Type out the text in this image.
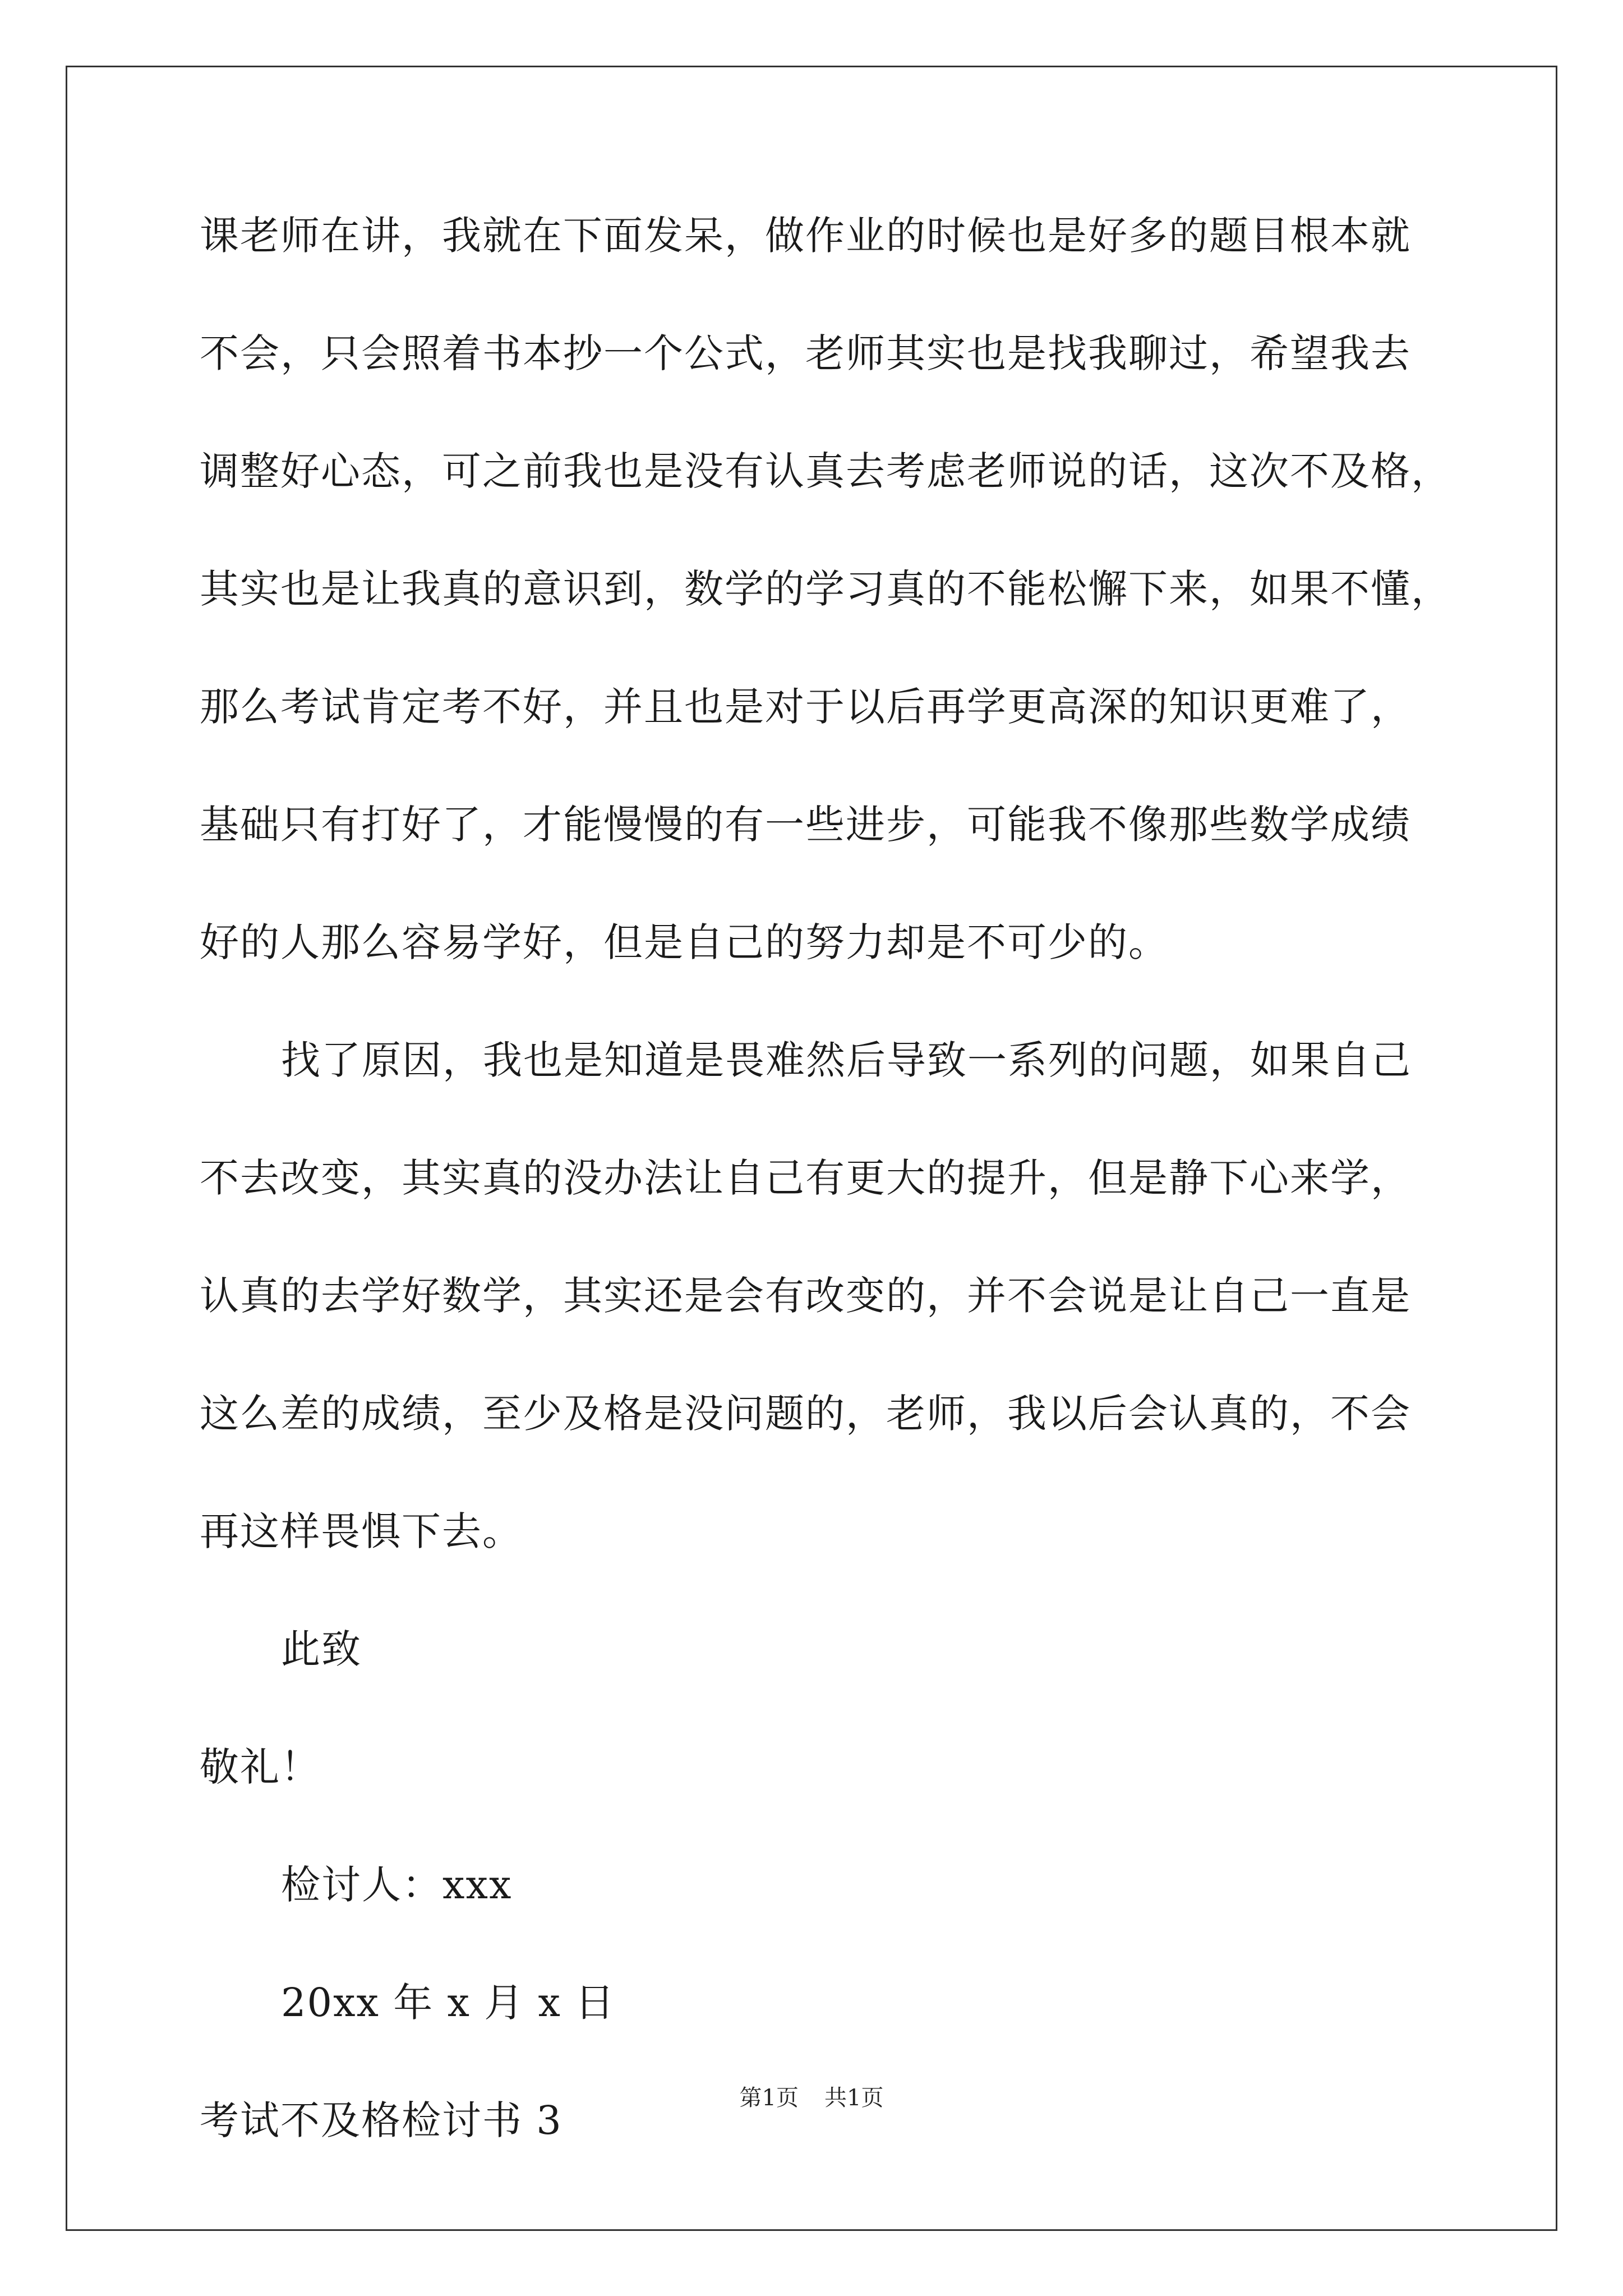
课老师在讲，我就在下面发呆，做作业的时候也是好多的题目根本就
不会，只会照着书本抄一个公式，老师其实也是找我聊过，希望我去
调整好心态，可之前我也是没有认真去考虑老师说的话，这次不及格，
其实也是让我真的意识到，数学的学习真的不能松懈下来，如果不懂，
那么考试肯定考不好，并且也是对于以后再学更高深的知识更难了，
基础只有打好了，才能慢慢的有一些进步，可能我不像那些数学成绩
好的人那么容易学好，但是自己的努力却是不可少的。
找了原因，我也是知道是畏难然后导致一系列的问题，如果自己
不去改变，其实真的没办法让自己有更大的提升，但是静下心来学，
认真的去学好数学，其实还是会有改变的，并不会说是让自己一直是
这么差的成绩，至少及格是没问题的，老师，我以后会认真的，不会
再这样畏惧下去。
此致
敬礼！
检讨人：xxx
20xx 年 x 月 x 日
考试不及格检讨书 3	第1页 共1页
